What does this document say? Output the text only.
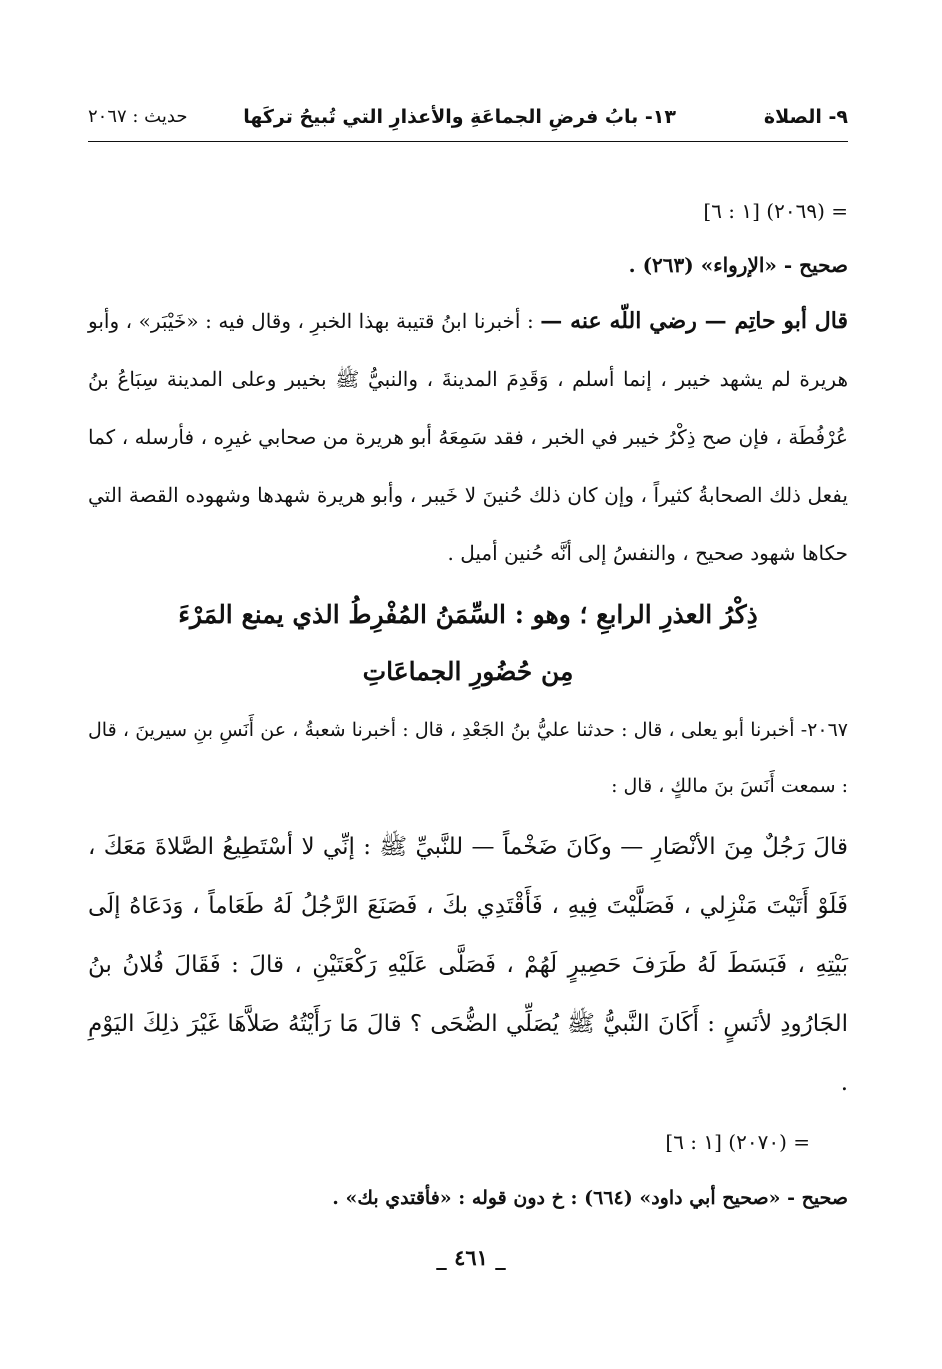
٩- الصلاة
١٣- بابُ فرضِ الجماعَةِ والأعذارِ التي تُبيحُ تركَها
حديث : ٢٠٦٧

= (٢٠٦٩) [١ : ٦]

صحيح - «الإرواء» (٢٦٣) .

قال أبو حاتِم — رضي اللّه عنه — : أخبرنا ابنُ قتيبة بهذا الخبرِ ، وقال فيه : «خَيْبَر» ، وأبو هريرة لم يشهد خيبر ، إنما أسلم ، وَقَدِمَ المدينةَ ، والنبيُّ ﷺ بخيبر وعلى المدينة سِبَاعُ بنُ عُرْفُطَة ، فإن صح ذِكْرُ خيبر في الخبر ، فقد سَمِعَهُ أبو هريرة من صحابي غيرِه ، فأرسله ، كما يفعل ذلك الصحابةُ كثيراً ، وإن كان ذلك حُنينَ لا خَيبر ، وأبو هريرة شهدها وشهوده القصة التي حكاها شهود صحيح ، والنفسُ إلى أنَّه حُنين أميل .

ذِكْرُ العذرِ الرابعِ ؛ وهو : السِّمَنُ المُفْرِطُ الذي يمنع المَرْءَ

مِن حُضُورِ الجماعَاتِ

٢٠٦٧- أخبرنا أبو يعلى ، قال : حدثنا عليُّ بنُ الجَعْدِ ، قال : أخبرنا شعبةُ ، عن أَنَسِ بنِ سيرينَ ، قال : سمعت أَنَسَ بنَ مالكٍ ، قال :

قالَ رَجُلٌ مِنَ الأنْصَارِ — وكَانَ ضَخْماً — للنَّبيِّ ﷺ : إنِّي لا أسْتَطِيعُ الصَّلاةَ مَعَكَ ، فَلَوْ أَتَيْتَ مَنْزِلي ، فَصَلَّيْتَ فِيهِ ، فَأَقْتَدِي بكَ ، فَصَنَعَ الرَّجُلُ لَهُ طَعَاماً ، وَدَعَاهُ إلَى بَيْتِهِ ، فَبَسَطَ لَهُ طَرَفَ حَصِيرٍ لَهُمْ ، فَصَلَّى عَلَيْهِ رَكْعَتَيْنِ ، قالَ : فَقَالَ فُلانُ بنُ الجَارُودِ لأنَسٍ : أَكَانَ النَّبيُّ ﷺ يُصَلِّي الضُّحَى ؟ قالَ مَا رَأَيْتُهُ صَلاَّهَا غَيْرَ ذلِكَ اليَوْمِ .

= (٢٠٧٠) [١ : ٦]

صحيح - «صحيح أبي داود» (٦٦٤) : خ دون قوله : «فأقتدي بك» .

_ ٤٦١ _
